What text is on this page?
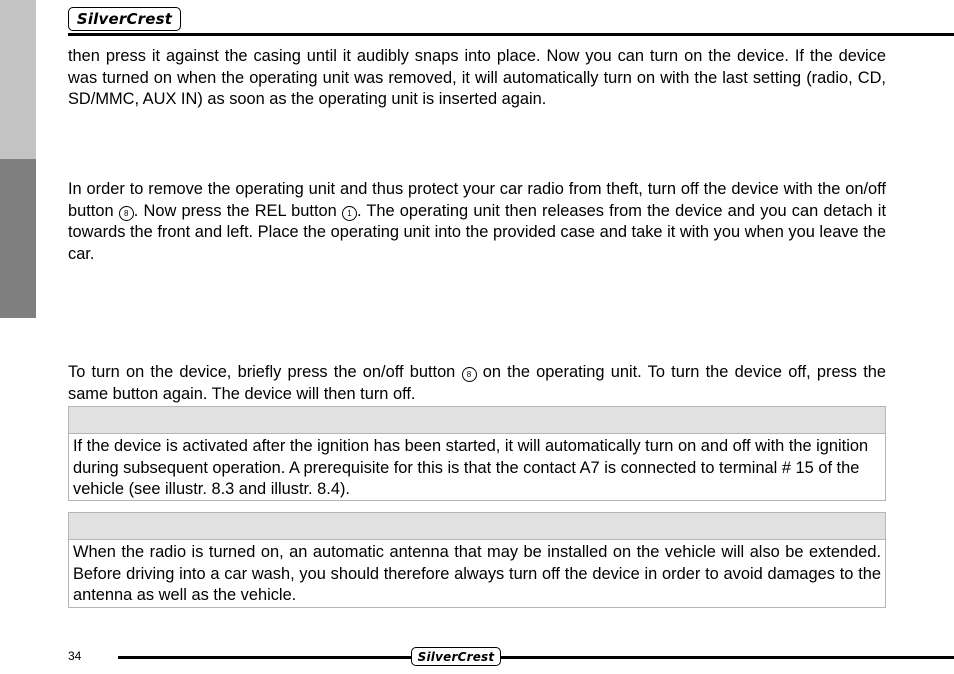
SilverCrest

then press it against the casing until it audibly snaps into place. Now you can turn on the device. If the device was turned on when the operating unit was removed, it will automatically turn on with the last setting (radio, CD, SD/MMC, AUX IN) as soon as the operating unit is inserted again.

In order to remove the operating unit and thus protect your car radio from theft, turn off the device with the on/off button 8 . Now press the REL button 1 . The operating unit then releases from the device and you can detach it towards the front and left. Place the operating unit into the provided case and take it with you when you leave the car.

To turn on the device, briefly press the on/off button 8 on the operating unit. To turn the device off, press the same button again. The device will then turn off.

If the device is activated after the ignition has been started, it will automatically turn on and off with the ignition during subsequent operation. A prerequisite for this is that the contact A7 is connected to terminal # 15 of the vehicle (see illustr. 8.3 and illustr. 8.4).
When the radio is turned on, an automatic antenna that may be installed on the vehicle will also be extended. Before driving into a car wash, you should therefore always turn off the device in order to avoid damages to the antenna as well as the vehicle.
34	SilverCrest
